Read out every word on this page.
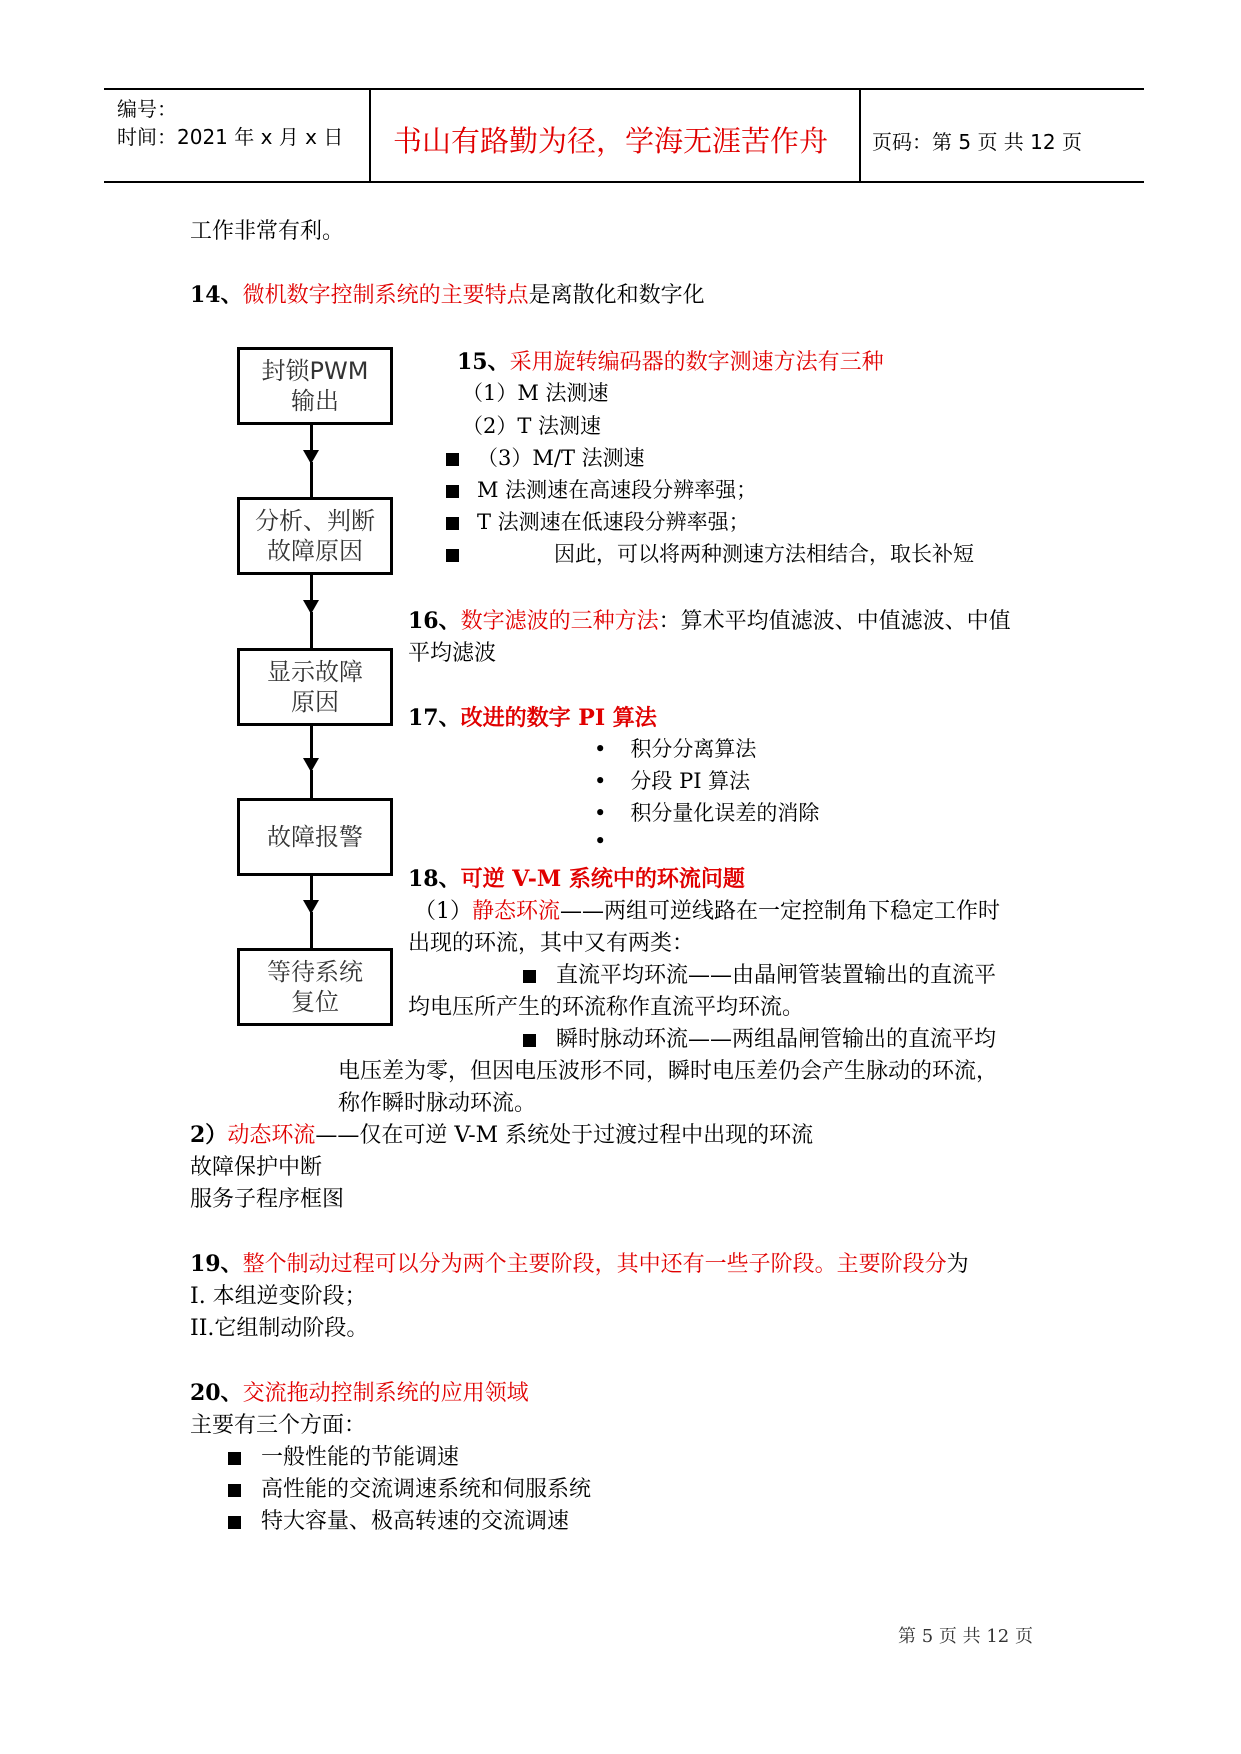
编号：
时间：2021 年 x 月 x 日 书山有路勤为径，学海无涯苦作舟 页码：第 5 页 共 12 页
封锁PWM
输出
分析、判断
故障原因
显示故障
原因
故障报警
等待系统
复位
工作非常有利。
14、微机数字控制系统的主要特点是离散化和数字化
15、采用旋转编码器的数字测速方法有三种
（1）M 法测速
（2）T 法测速
（3）M/T 法测速
M 法测速在高速段分辨率强；
T 法测速在低速段分辨率强；
因此，可以将两种测速方法相结合，取长补短
16、数字滤波的三种方法：算术平均值滤波、中值滤波、中值
平均滤波
17、改进的数字 PI 算法
• 积分分离算法
• 分段 PI 算法
• 积分量化误差的消除
•
18、可逆 V-M 系统中的环流问题
（1）静态环流——两组可逆线路在一定控制角下稳定工作时
出现的环流，其中又有两类：
直流平均环流——由晶闸管装置输出的直流平
均电压所产生的环流称作直流平均环流。
瞬时脉动环流——两组晶闸管输出的直流平均
电压差为零，但因电压波形不同，瞬时电压差仍会产生脉动的环流，
称作瞬时脉动环流。
2）动态环流——仅在可逆 V-M 系统处于过渡过程中出现的环流
故障保护中断
服务子程序框图
19、整个制动过程可以分为两个主要阶段，其中还有一些子阶段。主要阶段分为
I. 本组逆变阶段；
II.它组制动阶段。
20、交流拖动控制系统的应用领域
主要有三个方面：
一般性能的节能调速
高性能的交流调速系统和伺服系统
特大容量、极高转速的交流调速
第 5 页 共 12 页
